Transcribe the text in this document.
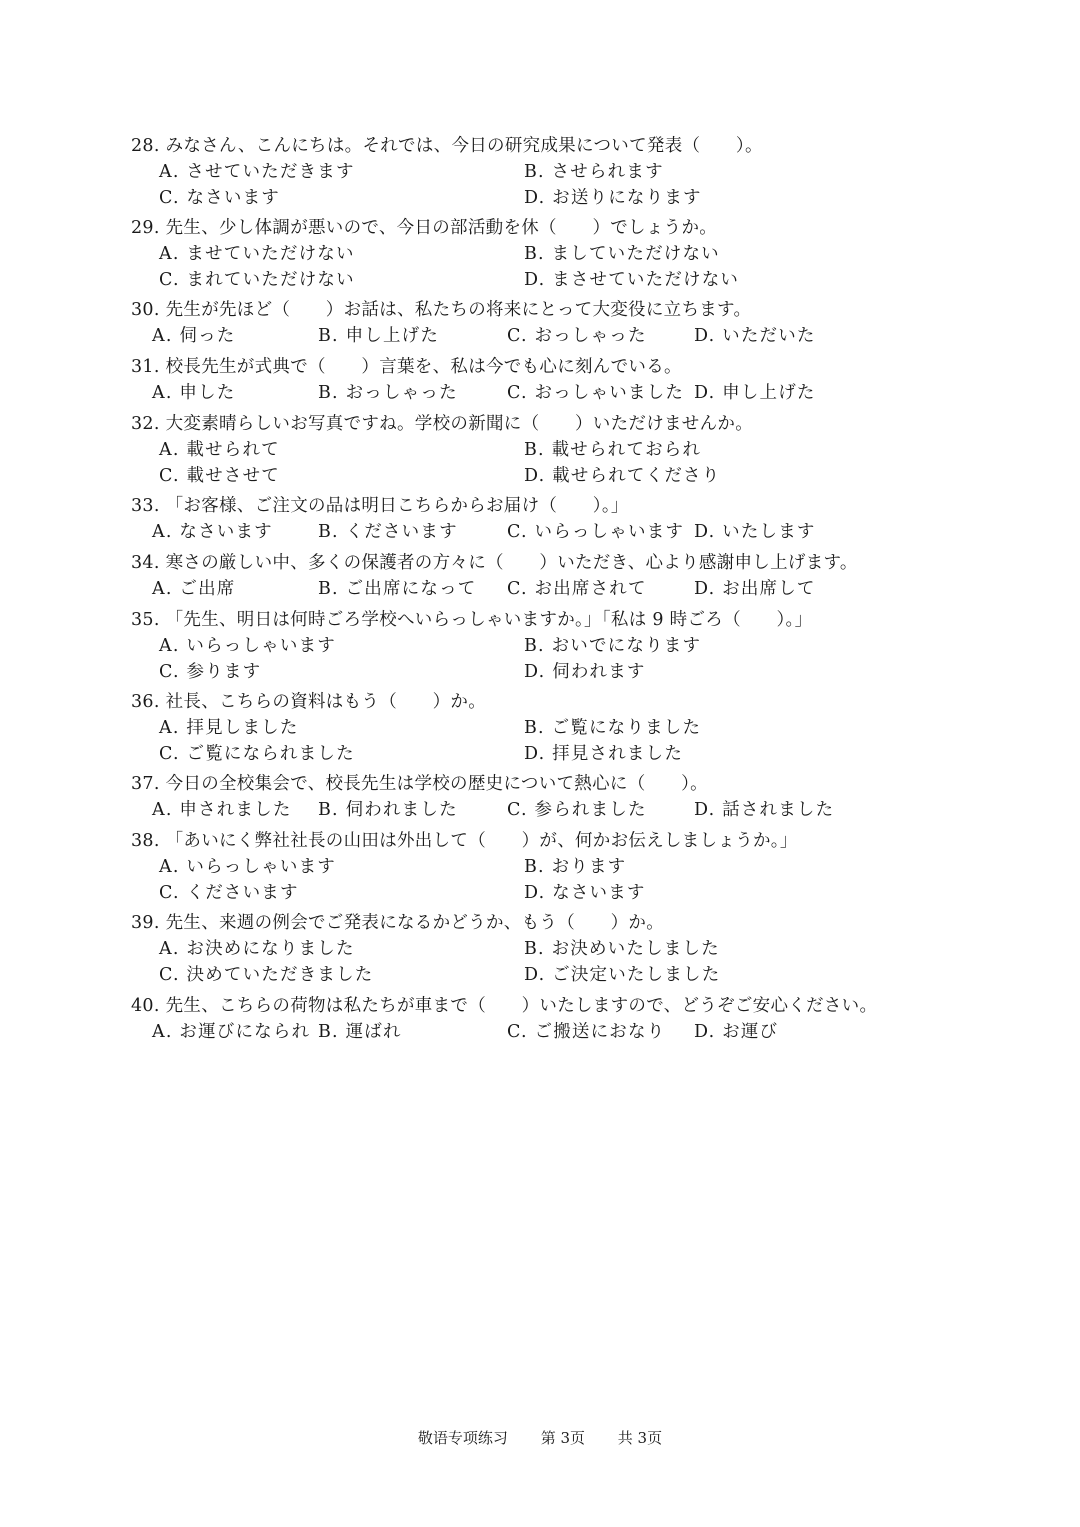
28. みなさん、こんにちは。それでは、今日の研究成果について発表（　　）。
A. させていただきます	B. させられます
C. なさいます	D. お送りになります
29. 先生、少し体調が悪いので、今日の部活動を休（　　）でしょうか。
A. ませていただけない	B. ましていただけない
C. まれていただけない	D. まさせていただけない
30. 先生が先ほど（　　）お話は、私たちの将来にとって大変役に立ちます。
A. 伺った	B. 申し上げた	C. おっしゃった	D. いただいた
31. 校長先生が式典で（　　）言葉を、私は今でも心に刻んでいる。
A. 申した	B. おっしゃった	C. おっしゃいました D. 申し上げた
32. 大変素晴らしいお写真ですね。学校の新聞に（　　）いただけませんか。
A. 載せられて	B. 載せられておられ
C. 載せさせて	D. 載せられてくださり
33. 「お客様、ご注文の品は明日こちらからお届け（　　）。」
A. なさいます	B. くださいます	C. いらっしゃいます D. いたします
34. 寒さの厳しい中、多くの保護者の方々に（　　）いただき、心より感謝申し上げます。
A. ご出席	B. ご出席になって C. お出席されて	D. お出席して
35. 「先生、明日は何時ごろ学校へいらっしゃいますか。」「私は 9 時ごろ（　　）。」
A. いらっしゃいます	B. おいでになります
C. 参ります	D. 伺われます
36. 社長、こちらの資料はもう（　　）か。
A. 拝見しました	B. ご覧になりました
C. ご覧になられました	D. 拝見されました
37. 今日の全校集会で、校長先生は学校の歴史について熱心に（　　）。
A. 申されました B. 伺われました	C. 参られました	D. 話されました
38. 「あいにく弊社社長の山田は外出して（　　）が、何かお伝えしましょうか。」
A. いらっしゃいます	B. おります
C. くださいます	D. なさいます
39. 先生、来週の例会でご発表になるかどうか、もう（　　）か。
A. お決めになりました	B. お決めいたしました
C. 決めていただきました	D. ご決定いたしました
40. 先生、こちらの荷物は私たちが車まで（　　）いたしますので、どうぞご安心ください。
A. お運びになられ B. 運ばれ	C. ご搬送におなり D. お運び
敬语专项练习 第 3页 共 3页
